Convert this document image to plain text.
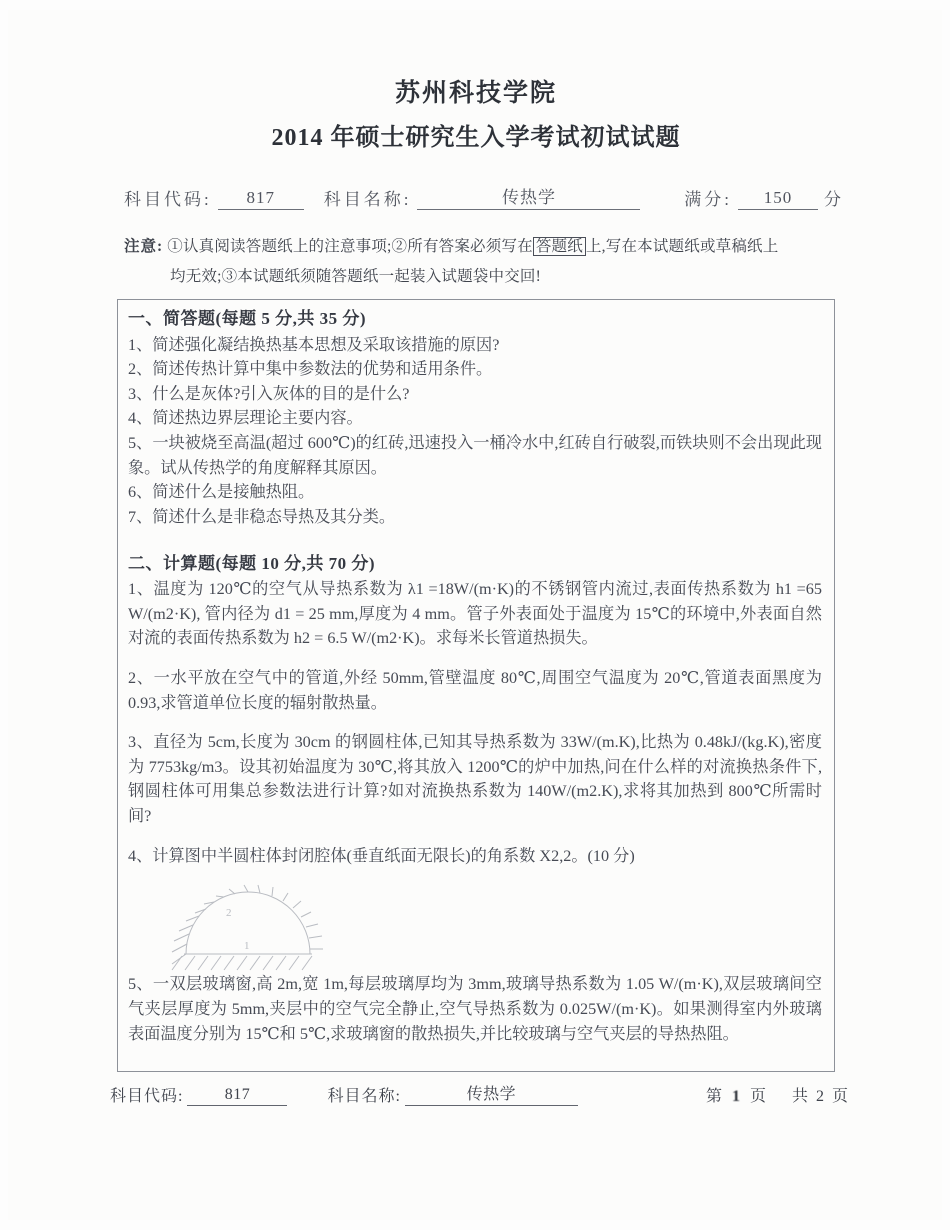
苏州科技学院
2014 年硕士研究生入学考试初试试题
科目代码:	817	科目名称:	传热学	满分:	150	分
注意: ①认真阅读答题纸上的注意事项;②所有答案必须写在 答题纸 上,写在本试题纸或草稿纸上
均无效;③本试题纸须随答题纸一起装入试题袋中交回!
一、简答题(每题 5 分,共 35 分)

1、简述强化凝结换热基本思想及采取该措施的原因?

2、简述传热计算中集中参数法的优势和适用条件。

3、什么是灰体?引入灰体的目的是什么?

4、简述热边界层理论主要内容。

5、一块被烧至高温(超过 600℃)的红砖,迅速投入一桶冷水中,红砖自行破裂,而铁块则不会出现此现象。试从传热学的角度解释其原因。

6、简述什么是接触热阻。

7、简述什么是非稳态导热及其分类。

二、计算题(每题 10 分,共 70 分)

1、温度为 120℃的空气从导热系数为 λ1 =18W/(m·K)的不锈钢管内流过,表面传热系数为 h1 =65 W/(m2·K), 管内径为 d1 = 25 mm,厚度为 4 mm。管子外表面处于温度为 15℃的环境中,外表面自然对流的表面传热系数为 h2 = 6.5 W/(m2·K)。求每米长管道热损失。

2、一水平放在空气中的管道,外经 50mm,管壁温度 80℃,周围空气温度为 20℃,管道表面黑度为 0.93,求管道单位长度的辐射散热量。

3、直径为 5cm,长度为 30cm 的钢圆柱体,已知其导热系数为 33W/(m.K),比热为 0.48kJ/(kg.K),密度为 7753kg/m3。设其初始温度为 30℃,将其放入 1200℃的炉中加热,问在什么样的对流换热条件下,钢圆柱体可用集总参数法进行计算?如对流换热系数为 140W/(m2.K),求将其加热到 800℃所需时间?

4、计算图中半圆柱体封闭腔体(垂直纸面无限长)的角系数 X2,2。(10 分)

2
1

5、一双层玻璃窗,高 2m,宽 1m,每层玻璃厚均为 3mm,玻璃导热系数为 1.05 W/(m·K),双层玻璃间空气夹层厚度为 5mm,夹层中的空气完全静止,空气导热系数为 0.025W/(m·K)。如果测得室内外玻璃表面温度分别为 15℃和 5℃,求玻璃窗的散热损失,并比较玻璃与空气夹层的导热热阻。

科目代码:	817	科目名称:	传热学	第 1 页 共 2 页
